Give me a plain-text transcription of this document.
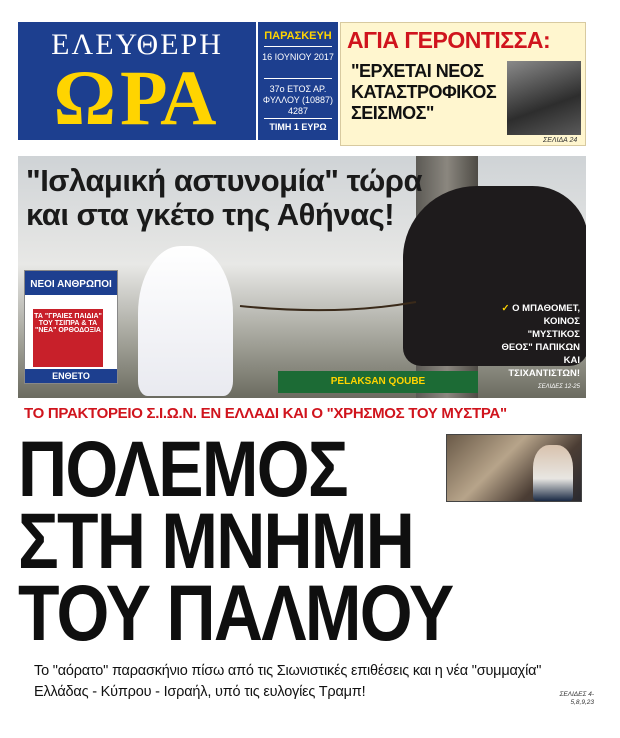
ΕΛΕΥΘΕΡΗ
ΩΡΑ
ΠΑΡΑΣΚΕΥΗ
16 ΙΟΥΝΙΟΥ 2017
37ο ΕΤΟΣ ΑΡ. ΦΥΛΛΟΥ (10887) 4287
ΤΙΜΗ 1 ΕΥΡΩ
ΑΓΙΑ ΓΕΡΟΝΤΙΣΣΑ:
"ΕΡΧΕΤΑΙ ΝΕΟΣ ΚΑΤΑΣΤΡΟΦΙΚΟΣ ΣΕΙΣΜΟΣ"
ΣΕΛΙΔΑ 24
PELAKSAN QOUBE
"Ισλαμική αστυνομία" τώρα και στα γκέτο της Αθήνας!
ΝΕΟΙ ΑΝΘΡΩΠΟΙ
ΤΑ "ΓΡΑΙΕΣ ΠΑΙΔΙΑ" ΤΟΥ ΤΣΙΠΡΑ & ΤΑ "ΝΕΑ" ΟΡΘΟΔΟΞΙΑ
ΕΝΘΕΤΟ
✓ Ο ΜΠΑΘΟΜΕΤ, ΚΟΙΝΟΣ "ΜΥΣΤΙΚΟΣ ΘΕΟΣ" ΠΑΠΙΚΩΝ ΚΑΙ ΤΣΙΧΑΝΤΙΣΤΩΝ!
ΣΕΛΙΔΕΣ 12-25
ΤΟ ΠΡΑΚΤΟΡΕΙΟ Σ.Ι.Ω.Ν. ΕΝ ΕΛΛΑΔΙ ΚΑΙ Ο "ΧΡΗΣΜΟΣ ΤΟΥ ΜΥΣΤΡΑ"
ΠΟΛΕΜΟΣ
ΣΤΗ ΜΝΗΜΗ
ΤΟΥ ΠΑΛΜΟΥ
Το "αόρατο" παρασκήνιο πίσω από τις Σιωνιστικές επιθέσεις και η νέα "συμμαχία" Ελλάδας - Κύπρου - Ισραήλ, υπό τις ευλογίες Τραμπ!	ΣΕΛΙΔΕΣ 4-5,8,9,23
